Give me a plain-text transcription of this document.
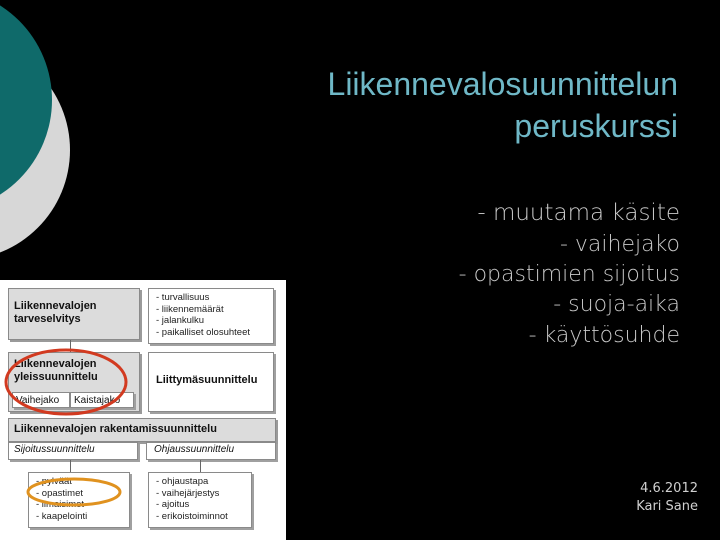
Liikennevalosuunnittelun
peruskurssi
- muutama käsite
- vaihejako
- opastimien sijoitus
- suoja-aika
- käyttösuhde
4.6.2012
Kari Sane
Liikennevalojen
tarveselvitys
- turvallisuus
- liikennemäärät
- jalankulku
- paikalliset olosuhteet
Liikennevalojen
yleissuunnittelu
Vaihejako Kaistajako
Liittymäsuunnittelu
Liikennevalojen rakentamissuunnittelu
Sijoitussuunnittelu	Ohjaussuunnittelu
- pylväät
- opastimet
- ilmaisimet
- kaapelointi
- ohjaustapa
- vaihejärjestys
- ajoitus
- erikoistoiminnot
